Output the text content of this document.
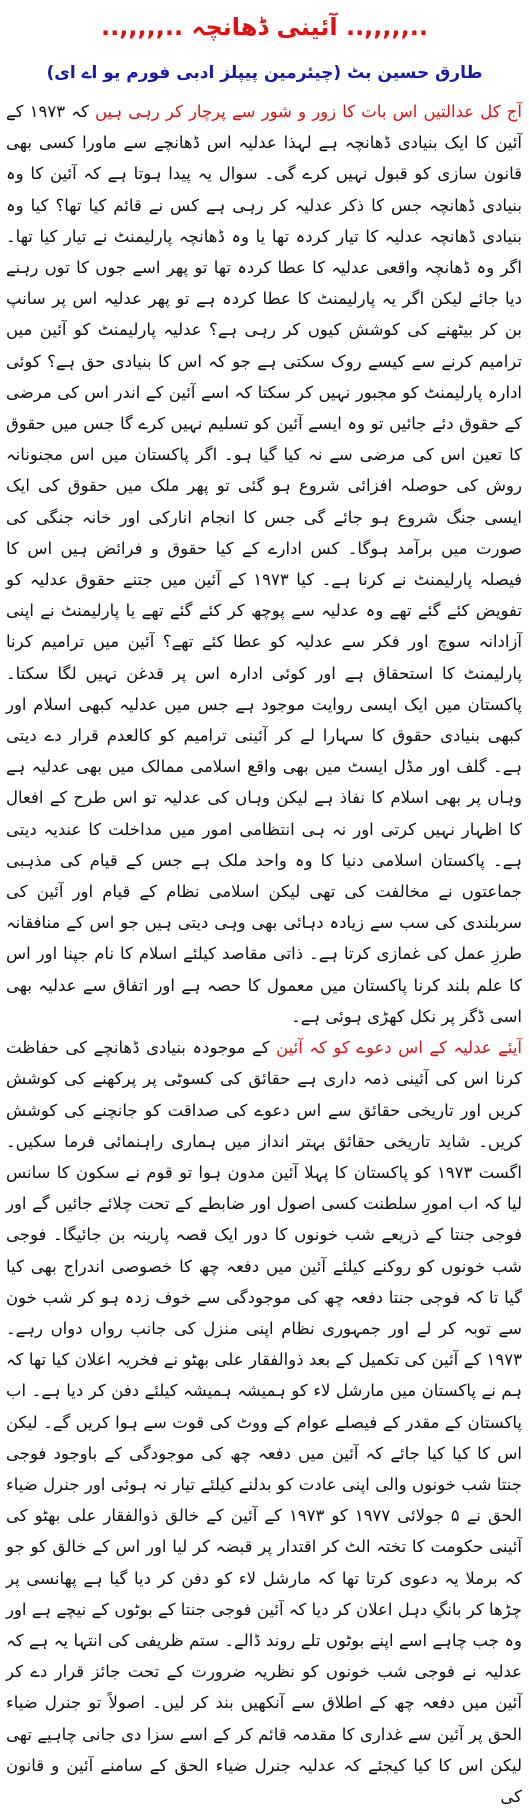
..,,,,,.. آئینی ڈھانچہ ..,,,,,..
طارق حسین بٹ (چیئرمین پیپلز ادبی فورم یو اے ای)

آج کل عدالتیں اس بات کا زور و شور سے پرچار کر رہی ہیں کہ ۱۹۷۳ کے آئین کا ایک بنیادی ڈھانچہ ہے لہذا عدلیہ اس ڈھانچے سے ماورا کسی بھی قانون سازی کو قبول نہیں کرے گی۔ سوال یہ پیدا ہوتا ہے کہ آئین کا وہ بنیادی ڈھانچہ جس کا ذکر عدلیہ کر رہی ہے کس نے قائم کیا تھا؟ کیا وہ بنیادی ڈھانچہ عدلیہ کا تیار کردہ تھا یا وہ ڈھانچہ پارلیمنٹ نے تیار کیا تھا۔ اگر وہ ڈھانچہ واقعی عدلیہ کا عطا کردہ تھا تو پھر اسے جوں کا توں رہنے دیا جائے لیکن اگر یہ پارلیمنٹ کا عطا کردہ ہے تو پھر عدلیہ اس پر سانپ بن کر بیٹھنے کی کوشش کیوں کر رہی ہے؟ عدلیہ پارلیمنٹ کو آئین میں ترامیم کرنے سے کیسے روک سکتی ہے جو کہ اس کا بنیادی حق ہے؟ کوئی ادارہ پارلیمنٹ کو مجبور نہیں کر سکتا کہ اسے آئین کے اندر اس کی مرضی کے حقوق دئے جائیں تو وہ ایسے آئین کو تسلیم نہیں کرے گا جس میں حقوق کا تعین اس کی مرضی سے نہ کیا گیا ہو۔ اگر پاکستان میں اس مجنونانہ روش کی حوصلہ افزائی شروع ہو گئی تو پھر ملک میں حقوق کی ایک ایسی جنگ شروع ہو جائے گی جس کا انجام انارکی اور خانہ جنگی کی صورت میں برآمد ہوگا۔ کس ادارے کے کیا حقوق و فرائض ہیں اس کا فیصلہ پارلیمنٹ نے کرنا ہے۔ کیا ۱۹۷۳ کے آئین میں جتنے حقوق عدلیہ کو تفویض کئے گئے تھے وہ عدلیہ سے پوچھ کر کئے گئے تھے یا پارلیمنٹ نے اپنی آزادانہ سوچ اور فکر سے عدلیہ کو عطا کئے تھے؟ آئین میں ترامیم کرنا پارلیمنٹ کا استحقاق ہے اور کوئی ادارہ اس پر قدغن نہیں لگا سکتا۔ پاکستان میں ایک ایسی روایت موجود ہے جس میں عدلیہ کبھی اسلام اور کبھی بنیادی حقوق کا سہارا لے کر آئینی ترامیم کو کالعدم قرار دے دیتی ہے۔ گلف اور مڈل ایسٹ میں بھی واقع اسلامی ممالک میں بھی عدلیہ ہے وہاں پر بھی اسلام کا نفاذ ہے لیکن وہاں کی عدلیہ تو اس طرح کے افعال کا اظہار نہیں کرتی اور نہ ہی انتظامی امور میں مداخلت کا عندیہ دیتی ہے۔ پاکستان اسلامی دنیا کا وہ واحد ملک ہے جس کے قیام کی مذہبی جماعتوں نے مخالفت کی تھی لیکن اسلامی نظام کے قیام اور آئین کی سربلندی کی سب سے زیادہ دہائی بھی وہی دیتی ہیں جو اس کے منافقانہ طرزِ عمل کی غمازی کرتا ہے۔ ذاتی مقاصد کیلئے اسلام کا نام جپنا اور اس کا علم بلند کرنا پاکستان میں معمول کا حصہ ہے اور اتفاق سے عدلیہ بھی اسی ڈگر پر نکل کھڑی ہوئی ہے۔

آیئے عدلیہ کے اس دعوے کو کہ آئین کے موجودہ بنیادی ڈھانچے کی حفاظت کرنا اس کی آئینی ذمہ داری ہے حقائق کی کسوٹی پر پرکھنے کی کوشش کریں اور تاریخی حقائق سے اس دعوے کی صداقت کو جانچنے کی کوشش کریں۔ شاید تاریخی حقائق بہتر انداز میں ہماری راہنمائی فرما سکیں۔ اگست ۱۹۷۳ کو پاکستان کا پہلا آئین مدون ہوا تو قوم نے سکون کا سانس لیا کہ اب امورِ سلطنت کسی اصول اور ضابطے کے تحت چلائے جائیں گے اور فوجی جنتا کے ذریعے شب خونوں کا دور ایک قصہ پارینہ بن جائیگا۔ فوجی شب خونوں کو روکنے کیلئے آئین میں دفعہ چھ کا خصوصی اندراج بھی کیا گیا تا کہ فوجی جنتا دفعہ چھ کی موجودگی سے خوف زدہ ہو کر شب خون سے توبہ کر لے اور جمہوری نظام اپنی منزل کی جانب رواں دواں رہے۔ ۱۹۷۳ کے آئین کی تکمیل کے بعد ذوالفقار علی بھٹو نے فخریہ اعلان کیا تھا کہ ہم نے پاکستان میں مارشل لاء کو ہمیشہ ہمیشہ کیلئے دفن کر دیا ہے۔ اب پاکستان کے مقدر کے فیصلے عوام کے ووٹ کی قوت سے ہوا کریں گے۔ لیکن اس کا کیا کیا جائے کہ آئین میں دفعہ چھ کی موجودگی کے باوجود فوجی جنتا شب خونوں والی اپنی عادت کو بدلنے کیلئے تیار نہ ہوئی اور جنرل ضیاء الحق نے ۵ جولائی ۱۹۷۷ کو ۱۹۷۳ کے آئین کے خالق ذوالفقار علی بھٹو کی آئینی حکومت کا تختہ الٹ کر اقتدار پر قبضہ کر لیا اور اس کے خالق کو جو کہ برملا یہ دعوی کرتا تھا کہ مارشل لاء کو دفن کر دیا گیا ہے پھانسی پر چڑھا کر بانگِ دہل اعلان کر دیا کہ آئین فوجی جنتا کے بوٹوں کے نیچے ہے اور وہ جب چاہے اسے اپنے بوٹوں تلے روند ڈالے۔ ستم ظریفی کی انتہا یہ ہے کہ عدلیہ نے فوجی شب خونوں کو نظریہ ضرورت کے تحت جائز قرار دے کر آئین میں دفعہ چھ کے اطلاق سے آنکھیں بند کر لیں۔ اصولاً تو جنرل ضیاء الحق پر آئین سے غداری کا مقدمہ قائم کر کے اسے سزا دی جانی چاہیے تھی لیکن اس کا کیا کیجئے کہ عدلیہ جنرل ضیاء الحق کے سامنے آئین و قانون کی
